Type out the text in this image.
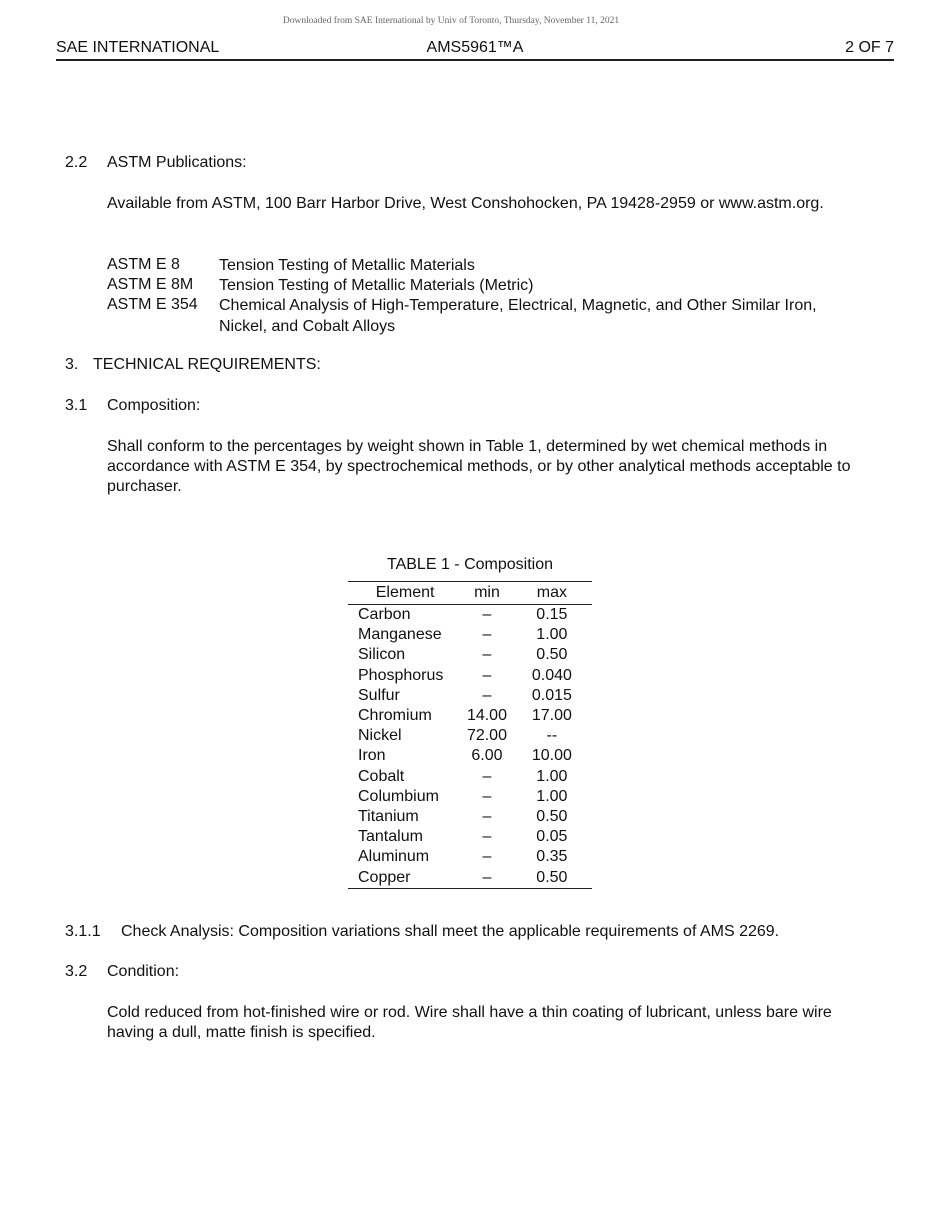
Downloaded from SAE International by Univ of Toronto, Thursday, November 11, 2021
SAE INTERNATIONAL	AMS5961™A	2 OF 7
2.2 ASTM Publications:
Available from ASTM, 100 Barr Harbor Drive, West Conshohocken, PA 19428-2959 or www.astm.org.
ASTM E 8 Tension Testing of Metallic Materials
ASTM E 8M Tension Testing of Metallic Materials (Metric)
ASTM E 354 Chemical Analysis of High-Temperature, Electrical, Magnetic, and Other Similar Iron, Nickel, and Cobalt Alloys
3. TECHNICAL REQUIREMENTS:
3.1 Composition:
Shall conform to the percentages by weight shown in Table 1, determined by wet chemical methods in accordance with ASTM E 354, by spectrochemical methods, or by other analytical methods acceptable to purchaser.
TABLE 1 - Composition
Element	min	max
Carbon	–	0.15
Manganese	–	1.00
Silicon	–	0.50
Phosphorus	–	0.040
Sulfur	–	0.015
Chromium	14.00	17.00
Nickel	72.00	--
Iron	6.00	10.00
Cobalt	–	1.00
Columbium	–	1.00
Titanium	–	0.50
Tantalum	–	0.05
Aluminum	–	0.35
Copper	–	0.50
3.1.1 Check Analysis: Composition variations shall meet the applicable requirements of AMS 2269.
3.2 Condition:
Cold reduced from hot-finished wire or rod. Wire shall have a thin coating of lubricant, unless bare wire having a dull, matte finish is specified.
